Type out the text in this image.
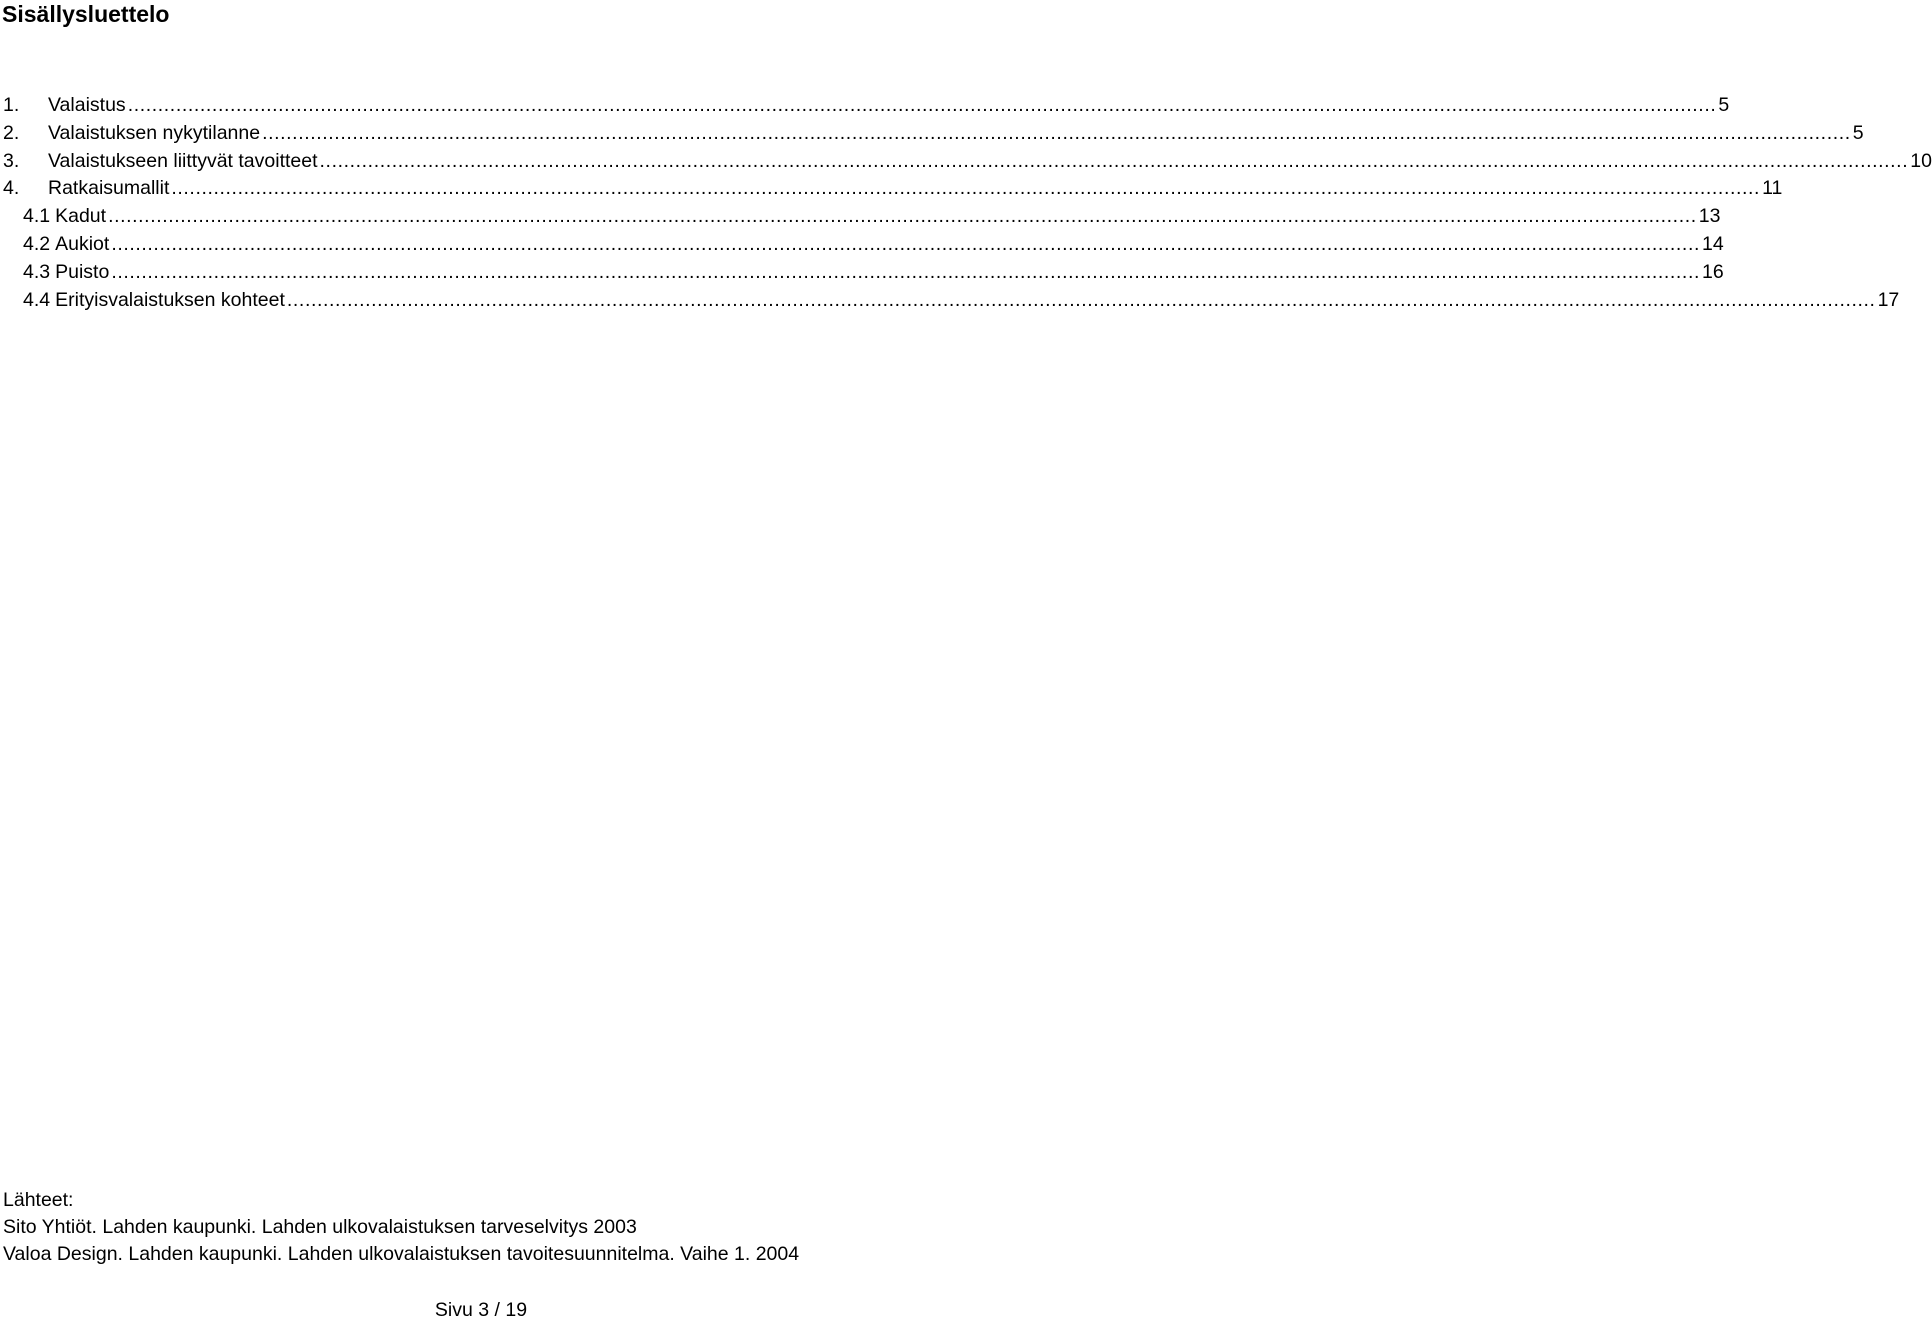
Sisällysluettelo
1.	Valaistus .....	5
2.	Valaistuksen nykytilanne .....	5
3.	Valaistukseen liittyvät tavoitteet .....	10
4.	Ratkaisumallit .....	11
4.1 Kadut .....	13
4.2 Aukiot .....	14
4.3 Puisto .....	16
4.4 Erityisvalaistuksen kohteet .....	17
Lähteet:
Sito Yhtiöt. Lahden kaupunki. Lahden ulkovalaistuksen tarveselvitys 2003
Valoa Design. Lahden kaupunki. Lahden ulkovalaistuksen tavoitesuunnitelma. Vaihe 1. 2004
Sivu 3 / 19
